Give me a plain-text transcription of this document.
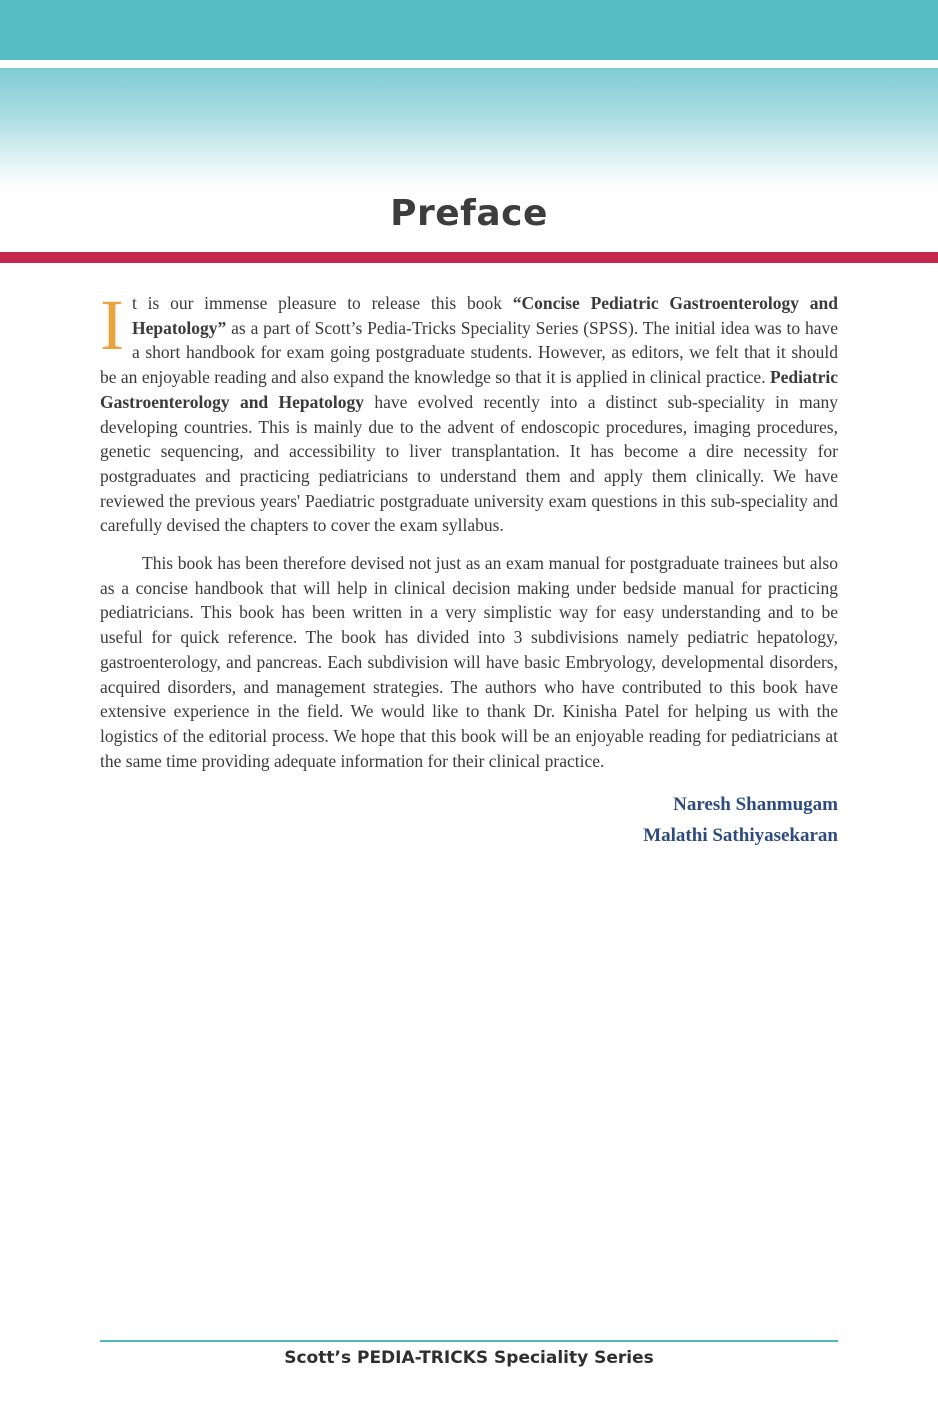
Preface

It is our immense pleasure to release this book “Concise Pediatric Gastroenterology and Hepatology” as a part of Scott’s Pedia-Tricks Speciality Series (SPSS). The initial idea was to have a short handbook for exam going postgraduate students. However, as editors, we felt that it should be an enjoyable reading and also expand the knowledge so that it is applied in clinical practice. Pediatric Gastroenterology and Hepatology have evolved recently into a distinct sub-speciality in many developing countries. This is mainly due to the advent of endoscopic procedures, imaging procedures, genetic sequencing, and accessibility to liver transplantation. It has become a dire necessity for postgraduates and practicing pediatricians to understand them and apply them clinically. We have reviewed the previous years' Paediatric postgraduate university exam questions in this sub-speciality and carefully devised the chapters to cover the exam syllabus.

This book has been therefore devised not just as an exam manual for postgraduate trainees but also as a concise handbook that will help in clinical decision making under bedside manual for practicing pediatricians. This book has been written in a very simplistic way for easy understanding and to be useful for quick reference. The book has divided into 3 subdivisions namely pediatric hepatology, gastroenterology, and pancreas. Each subdivision will have basic Embryology, developmental disorders, acquired disorders, and management strategies. The authors who have contributed to this book have extensive experience in the field. We would like to thank Dr. Kinisha Patel for helping us with the logistics of the editorial process. We hope that this book will be an enjoyable reading for pediatricians at the same time providing adequate information for their clinical practice.

Naresh Shanmugam
Malathi Sathiyasekaran
Scott’s PEDIA-TRICKS Speciality Series
